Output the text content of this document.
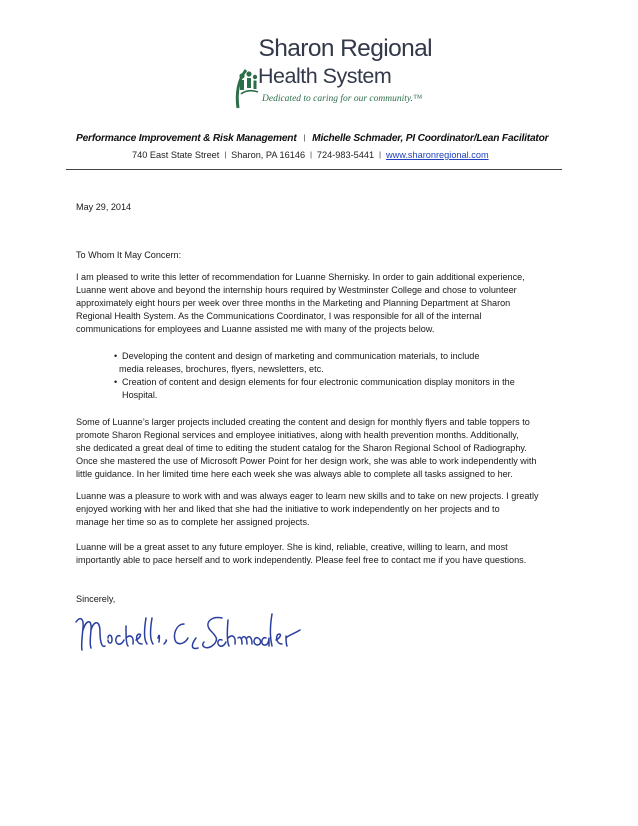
Sharon Regional
Health System
Dedicated to caring for our community.™
Performance Improvement & Risk Management | Michelle Schmader, PI Coordinator/Lean Facilitator
740 East State Street | Sharon, PA 16146 | 724-983-5441 | www.sharonregional.com
May 29, 2014
To Whom It May Concern:
I am pleased to write this letter of recommendation for Luanne Shernisky. In order to gain additional experience,
Luanne went above and beyond the internship hours required by Westminster College and chose to volunteer
approximately eight hours per week over three months in the Marketing and Planning Department at Sharon
Regional Health System. As the Communications Coordinator, I was responsible for all of the internal
communications for employees and Luanne assisted me with many of the projects below.
• Developing the content and design of marketing and communication materials, to include
media releases, brochures, flyers, newsletters, etc.
• Creation of content and design elements for four electronic communication display monitors in the
Hospital.
Some of Luanne’s larger projects included creating the content and design for monthly flyers and table toppers to
promote Sharon Regional services and employee initiatives, along with health prevention months. Additionally,
she dedicated a great deal of time to editing the student catalog for the Sharon Regional School of Radiography.
Once she mastered the use of Microsoft Power Point for her design work, she was able to work independently with
little guidance. In her limited time here each week she was always able to complete all tasks assigned to her.
Luanne was a pleasure to work with and was always eager to learn new skills and to take on new projects. I greatly
enjoyed working with her and liked that she had the initiative to work independently on her projects and to
manage her time so as to complete her assigned projects.
Luanne will be a great asset to any future employer. She is kind, reliable, creative, willing to learn, and most
importantly able to pace herself and to work independently. Please feel free to contact me if you have questions.
Sincerely,
